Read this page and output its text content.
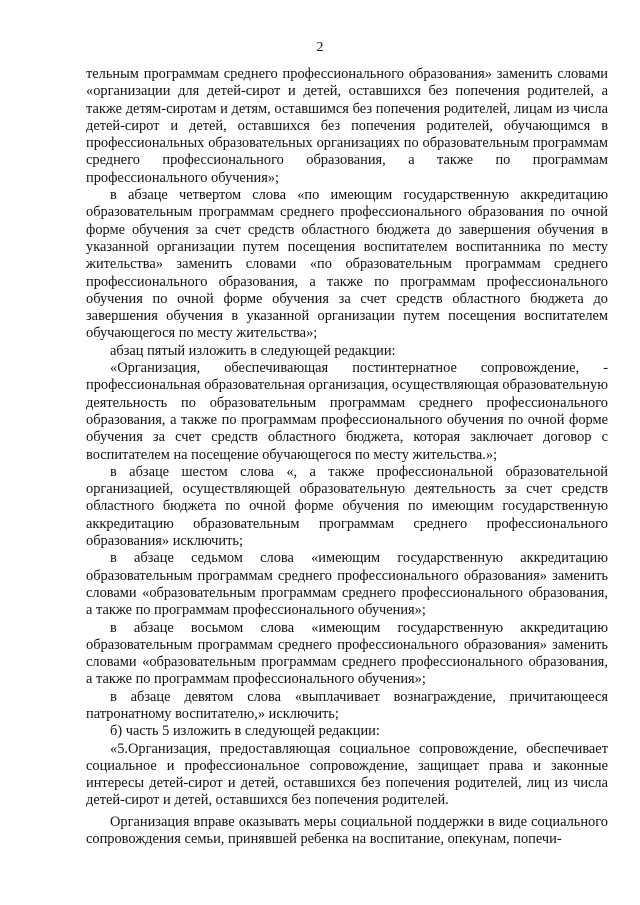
2

тельным программам среднего профессионального образования» заменить словами «организации для детей-сирот и детей, оставшихся без попечения родителей, а также детям-сиротам и детям, оставшимся без попечения родителей, лицам из числа детей-сирот и детей, оставшихся без попечения родителей, обучающимся в профессиональных образовательных организациях по образовательным программам среднего профессионального образования, а также по программам профессионального обучения»;

в абзаце четвертом слова «по имеющим государственную аккредитацию образовательным программам среднего профессионального образования по очной форме обучения за счет средств областного бюджета до завершения обучения в указанной организации путем посещения воспитателем воспитанника по месту жительства» заменить словами «по образовательным программам среднего профессионального образования, а также по программам профессионального обучения по очной форме обучения за счет средств областного бюджета до завершения обучения в указанной организации путем посещения воспитателем обучающегося по месту жительства»;

абзац пятый изложить в следующей редакции:

«Организация, обеспечивающая постинтернатное сопровождение, - профессиональная образовательная организация, осуществляющая образовательную деятельность по образовательным программам среднего профессионального образования, а также по программам профессионального обучения по очной форме обучения за счет средств областного бюджета, которая заключает договор с воспитателем на посещение обучающегося по месту жительства.»;

в абзаце шестом слова «, а также профессиональной образовательной организацией, осуществляющей образовательную деятельность за счет средств областного бюджета по очной форме обучения по имеющим государственную аккредитацию образовательным программам среднего профессионального образования» исключить;

в абзаце седьмом слова «имеющим государственную аккредитацию образовательным программам среднего профессионального образования» заменить словами «образовательным программам среднего профессионального образования, а также по программам профессионального обучения»;

в абзаце восьмом слова «имеющим государственную аккредитацию образовательным программам среднего профессионального образования» заменить словами «образовательным программам среднего профессионального образования, а также по программам профессионального обучения»;

в абзаце девятом слова «выплачивает вознаграждение, причитающееся патронатному воспитателю,» исключить;

б) часть 5 изложить в следующей редакции:

«5.Организация, предоставляющая социальное сопровождение, обеспечивает социальное и профессиональное сопровождение, защищает права и законные интересы детей-сирот и детей, оставшихся без попечения родителей, лиц из числа детей-сирот и детей, оставшихся без попечения родителей.

Организация вправе оказывать меры социальной поддержки в виде социального сопровождения семьи, принявшей ребенка на воспитание, опекунам, попечи-
